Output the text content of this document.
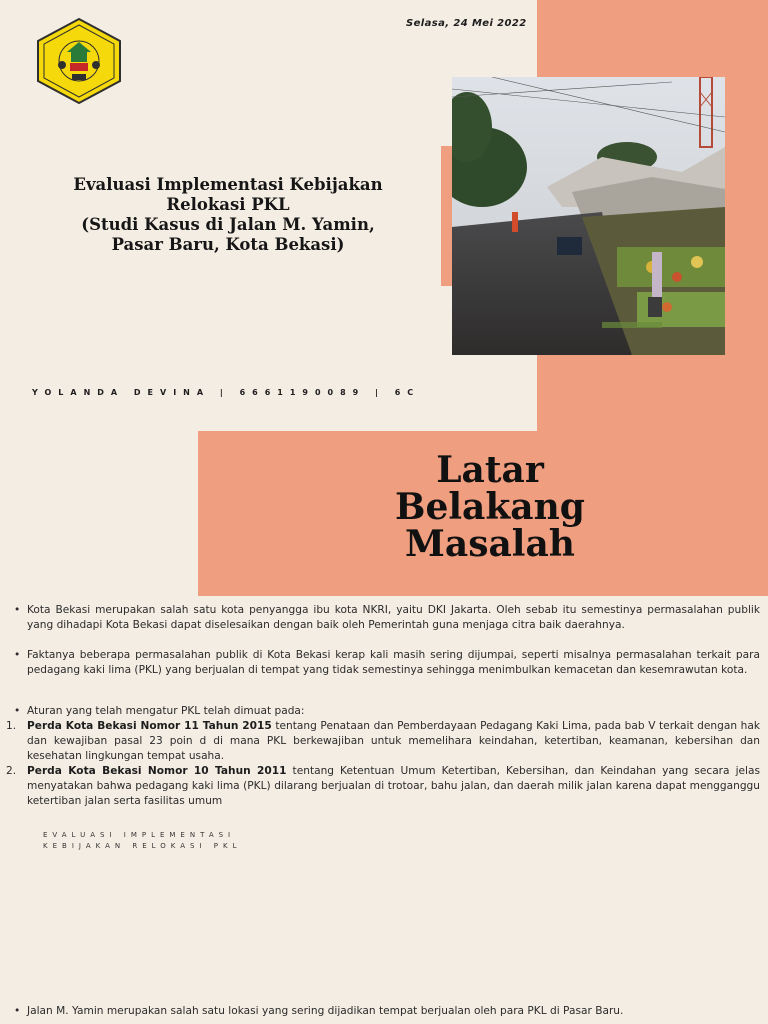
Selasa, 24 Mei 2022
Evaluasi Implementasi Kebijakan
Relokasi PKL
(Studi Kasus di Jalan M. Yamin,
Pasar Baru, Kota Bekasi)
YOLANDA DEVINA | 6661190089 | 6C
Latar
Belakang
Masalah
• Kota Bekasi merupakan salah satu kota penyangga ibu kota NKRI, yaitu DKI Jakarta. Oleh sebab itu semestinya permasalahan publik yang dihadapi Kota Bekasi dapat diselesaikan dengan baik oleh Pemerintah guna menjaga citra baik daerahnya.
• Faktanya beberapa permasalahan publik di Kota Bekasi kerap kali masih sering dijumpai, seperti misalnya permasalahan terkait para pedagang kaki lima (PKL) yang berjualan di tempat yang tidak semestinya sehingga menimbulkan kemacetan dan kesemrawutan kota.
• Aturan yang telah mengatur PKL telah dimuat pada:
1.	Perda Kota Bekasi Nomor 11 Tahun 2015 tentang Penataan dan Pemberdayaan Pedagang Kaki Lima, pada bab V terkait dengan hak dan kewajiban pasal 23 poin d di mana PKL berkewajiban untuk memelihara keindahan, ketertiban, keamanan, kebersihan dan kesehatan lingkungan tempat usaha.
2.	Perda Kota Bekasi Nomor 10 Tahun 2011 tentang Ketentuan Umum Ketertiban, Kebersihan, dan Keindahan yang secara jelas menyatakan bahwa pedagang kaki lima (PKL) dilarang berjualan di trotoar, bahu jalan, dan daerah milik jalan karena dapat mengganggu ketertiban jalan serta fasilitas umum
EVALUASI IMPLEMENTASI
KEBIJAKAN RELOKASI PKL
• Jalan M. Yamin merupakan salah satu lokasi yang sering dijadikan tempat berjualan oleh para PKL di Pasar Baru.
